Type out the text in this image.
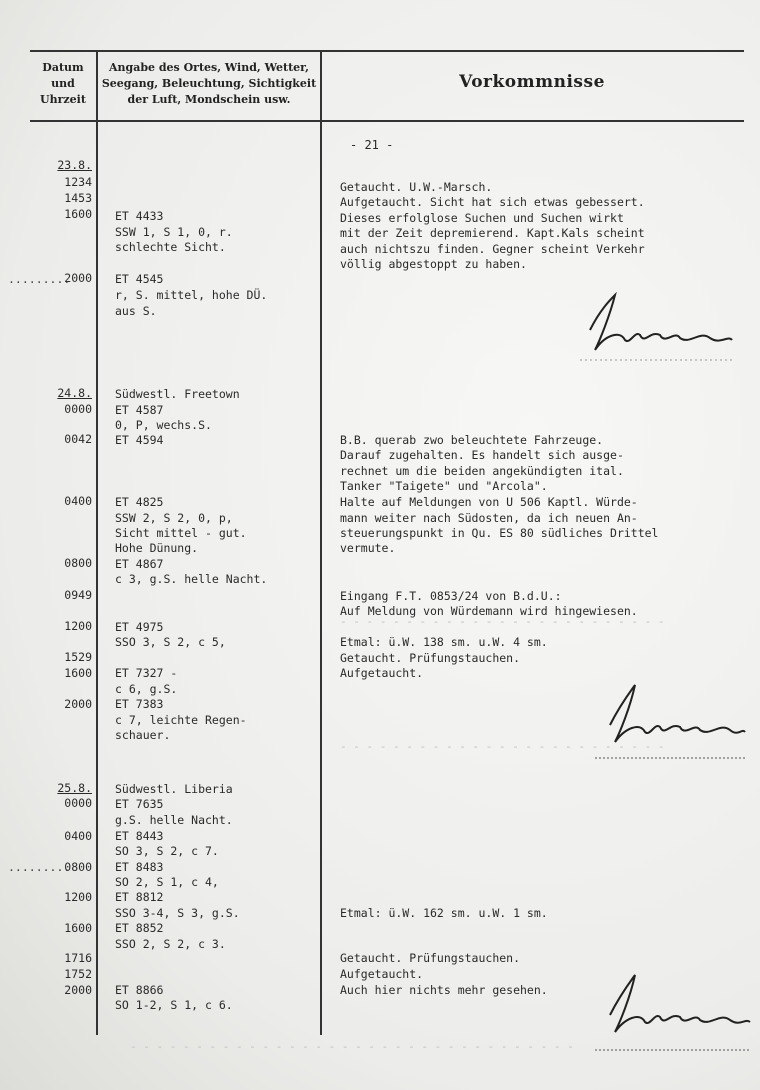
Datum und Uhrzeit
Angabe des Ortes, Wind, Wetter, Seegang, Beleuchtung, Sichtigkeit der Luft, Mondschein usw.
Vorkommnisse
- 21 -
23.8.
1234
1453
1600
2000
24.8.
0000
0042
0400
0800
0949
1200
1529
1600
2000
25.8.
0000
0400
0800
1200
1600
1716
1752
2000
ET 4433
SSW 1, S 1, 0, r.
schlechte Sicht.
ET 4545
r, S. mittel, hohe DÜ.
aus S.
Südwestl. Freetown
ET 4587
0, P, wechs.S.
ET 4594
ET 4825
SSW 2, S 2, 0, p,
Sicht mittel - gut.
Hohe Dünung.
ET 4867
c 3, g.S. helle Nacht.
ET 4975
SSO 3, S 2, c 5,
ET 7327 -
c 6, g.S.
ET 7383
c 7, leichte Regen-
schauer.
Südwestl. Liberia
ET 7635
g.S. helle Nacht.
ET 8443
SO 3, S 2, c 7.
ET 8483
SO 2, S 1, c 4,
ET 8812
SSO 3-4, S 3, g.S.
ET 8852
SSO 2, S 2, c 3.
ET 8866
SO 1-2, S 1, c 6.
Getaucht. U.W.-Marsch.
Aufgetaucht. Sicht hat sich etwas gebessert.
Dieses erfolglose Suchen und Suchen wirkt
mit der Zeit depremierend. Kapt.Kals scheint
auch nichtszu finden. Gegner scheint Verkehr
völlig abgestoppt zu haben.
B.B. querab zwo beleuchtete Fahrzeuge.
Darauf zugehalten. Es handelt sich ausge-
rechnet um die beiden angekündigten ital.
Tanker "Taigete" und "Arcola".
Halte auf Meldungen von U 506 Kaptl. Würde-
mann weiter nach Südosten, da ich neuen An-
steuerungspunkt in Qu. ES 80 südliches Drittel
vermute.
Eingang F.T. 0853/24 von B.d.U.:
Auf Meldung von Würdemann wird hingewiesen.
Etmal: ü.W. 138 sm. u.W. 4 sm.
Getaucht. Prüfungstauchen.
Aufgetaucht.
Etmal: ü.W. 162 sm. u.W. 1 sm.
Getaucht. Prüfungstauchen.
Aufgetaucht.
Auch hier nichts mehr gesehen.
.........
.........
- - - - - - - - - - - - - - - - - - - - - - - - -
- - - - - - - - - - - - - - - - - - - - - - - - -
- - - - - - - - - - - - - - - - - - - - - - - - - - - - - - - - - -
